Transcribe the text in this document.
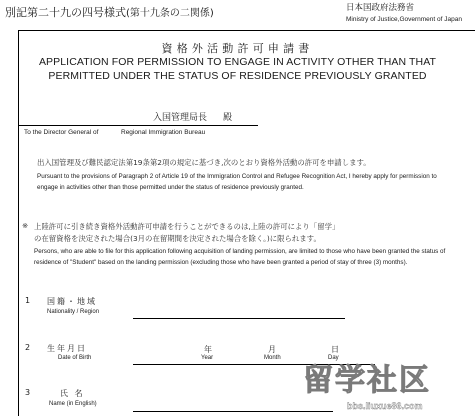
別記第二十九の四号様式(第十九条の二関係)	日本国政府法務省
Ministry of Justice,Government of Japan
資格外活動許可申請書
APPLICATION FOR PERMISSION TO ENGAGE IN ACTIVITY OTHER THAN THAT
PERMITTED UNDER THE STATUS OF RESIDENCE PREVIOUSLY GRANTED
入国管理局長 殿
To the Director General of	Regional Immigration Bureau
出入国管理及び難民認定法第19条第2項の規定に基づき,次のとおり資格外活動の許可を申請します。
Pursuant to the provisions of Paragraph 2 of Article 19 of the Immigration Control and Refugee Recognition Act, I hereby apply for permission to engage in activities other than those permitted under the status of residence previously granted.
※ 上陸許可に引き続き資格外活動許可申請を行うことができるのは,上陸の許可により「留学」
の在留資格を決定された場合(3月の在留期間を決定された場合を除く。)に限られます。
Persons, who are able to file for this application following acquisition of landing permission, are limited to those who have been granted the status of residence of "Student" based on the landing permission (excluding those who have been granted a period of stay of three (3) months).
1 国籍・地域
Nationality / Region
2 生年月日
Date of Birth
年
Year
月
Month
日
Day
3	氏 名
Name (in English)
留学社区
bbs.liuxue86.com
